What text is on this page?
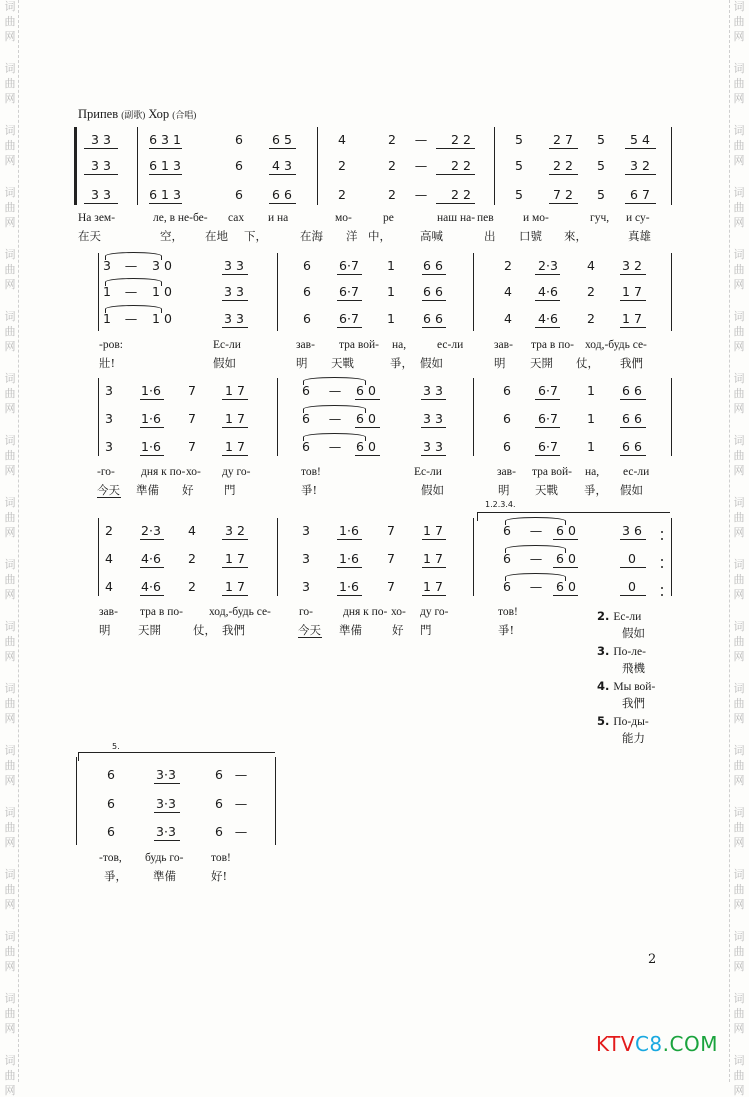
词
曲
网
词
曲
网
词
曲
网
词
曲
网
词
曲
网
词
曲
网
词
曲
网
词
曲
网
词
曲
网
词
曲
网
词
曲
网
词
曲
网
词
曲
网
词
曲
网
词
曲
网
词
曲
网
词
曲
网
词
曲
网
词
曲
网
词
曲
网
词
曲
网
词
曲
网
词
曲
网
词
曲
网
词
曲
网
词
曲
网
词
曲
网
词
曲
网
词
曲
网
词
曲
网
词
曲
网
词
曲
网
词
曲
网
词
曲
网
词
曲
网
词
曲
网
Припев (副歌) Хор (合唱)
1.2.3.4.
5.
3 3	6 3 1	6 6 5	4	2 — 2 2	5 2 7 5 5 4
3 3	6 1 3	6 4 3	2	2 — 2 2	5 2 2 5 3 2
3 3	6 1 3	6 6 6	2	2 — 2 2	5 7 2 5 6 7
На зем-	ле, в не-бе- сах и на	мо-	ре	наш на- пев	и мо-	гуч, и су-
在天	空， 在地 下，	在海 洋 中，	高喊	出 口號 來，	真雄
3 — 3 0	3 3	6 6·7 1 6 6	2 2·3 4 3 2
1 — 1 0	3 3	6 6·7 1 6 6	4 4·6 2 1 7
1 — 1 0	3 3	6 6·7 1 6 6	4 4·6 2 1 7
-ров:	Ес-ли	зав- тра вой- на,	ес-ли	зав- тра в по- ход,-будь се-
壯!	假如	明 天戰	爭， 假如	明 天開 仗， 我們
3 1·6 7 1 7	6 — 6 0	3 3	6 6·7 1 6 6
3 1·6 7 1 7	6 — 6 0	3 3	6 6·7 1 6 6
3 1·6 7 1 7	6 — 6 0	3 3	6 6·7 1 6 6
-го- дня к по- хо- ду го-	тов!	Ес-ли	зав- тра вой- на, ес-ли
今天 準備 好	門	爭!	假如	明 天戰 爭， 假如
2 2·3 4 3 2	3 1·6 7 1 7	6 — 6 0	3 6
4 4·6 2 1 7	3 1·6 7 1 7	6 — 6 0	0
4 4·6 2 1 7	3 1·6 7 1 7	6 — 6 0	0
зав- тра в по- ход,-будь се- го-	дня к по- хо- ду го-	тов!
明 天開	仗， 我們	今天 準備	好 門	爭!
2. Ес-ли
假如
3. По-ле-
飛機
4. Мы вой-
我們
5. По-ды-
能力
6	3·3	6 —
6	3·3	6 —
6	3·3	6 —
-тов, будь го- тов!
爭， 準備	好!
2
KTVC8.COM
